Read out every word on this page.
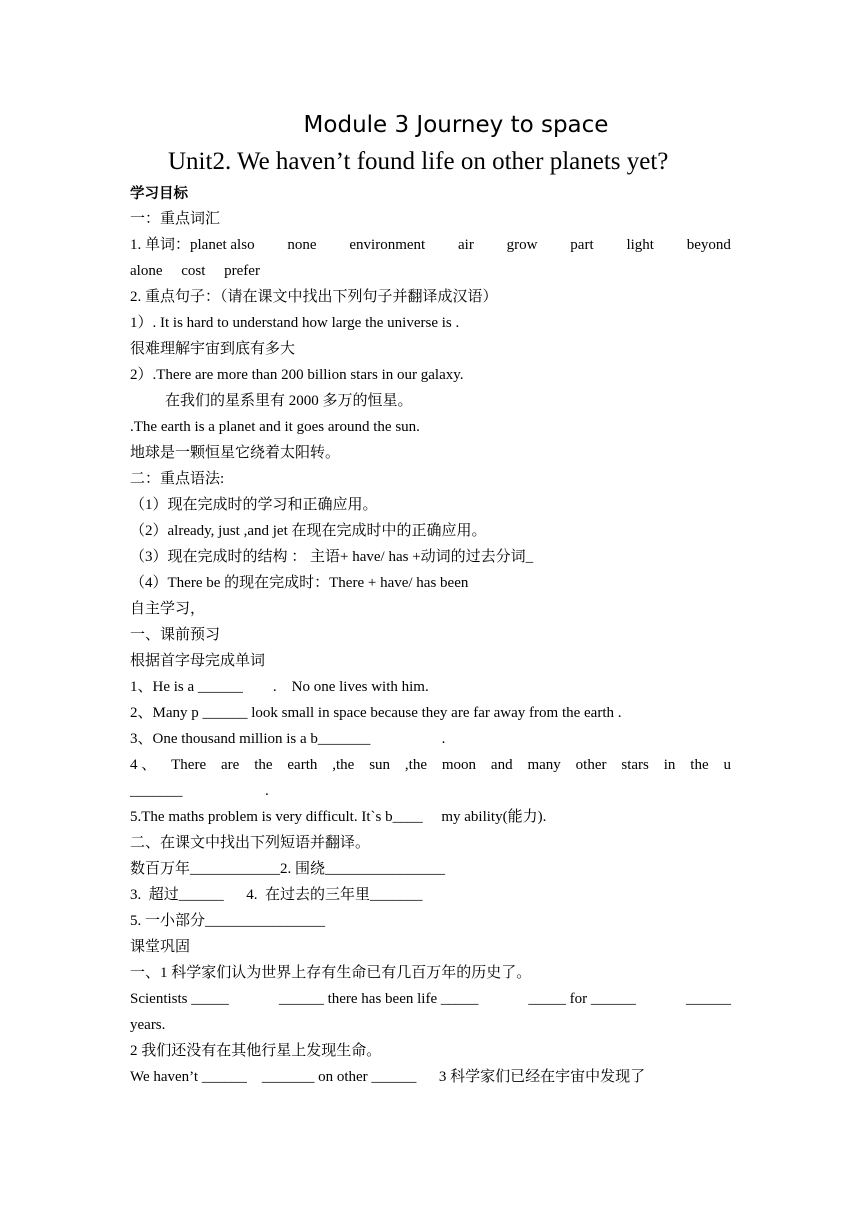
Module 3 Journey to space
Unit2. We haven’t found life on other planets yet?
学习目标
一：重点词汇
1. 单词：planet also none environment air grow part light beyond
alone cost prefer
2. 重点句子：（请在课文中找出下列句子并翻译成汉语）
1）. It is hard to understand how large the universe is .
很难理解宇宙到底有多大
2）.There are more than 200 billion stars in our galaxy.
在我们的星系里有 2000 多万的恒星。
.The earth is a planet and it goes around the sun.
地球是一颗恒星它绕着太阳转。
二：重点语法:
（1）现在完成时的学习和正确应用。
（2）already, just ,and jet 在现在完成时中的正确应用。
（3）现在完成时的结构 ： 主语+ have/ has +动词的过去分词_
（4）There be 的现在完成时：There + have/ has been
自主学习，
一、课前预习
根据首字母完成单词
1、He is a ______        .    No one lives with him.
2、Many p ______ look small in space because they are far away from the earth .
3、One thousand million is a b_______                   .
4 、 There are the earth ,the sun ,the moon and many other stars in the u
_______                      .
5.The maths problem is very difficult. It`s b____     my ability(能力).
二、在课文中找出下列短语并翻译。
数百万年____________2. 围绕________________
3.  超过______      4.  在过去的三年里_______
5. 一小部分________________
课堂巩固
一、1 科学家们认为世界上存有生命已有几百万年的历史了。
Scientists _____	______ there has been life _____	_____ for ______	______
years.
2 我们还没有在其他行星上发现生命。
We haven’t ______    _______ on other ______      3 科学家们已经在宇宙中发现了
